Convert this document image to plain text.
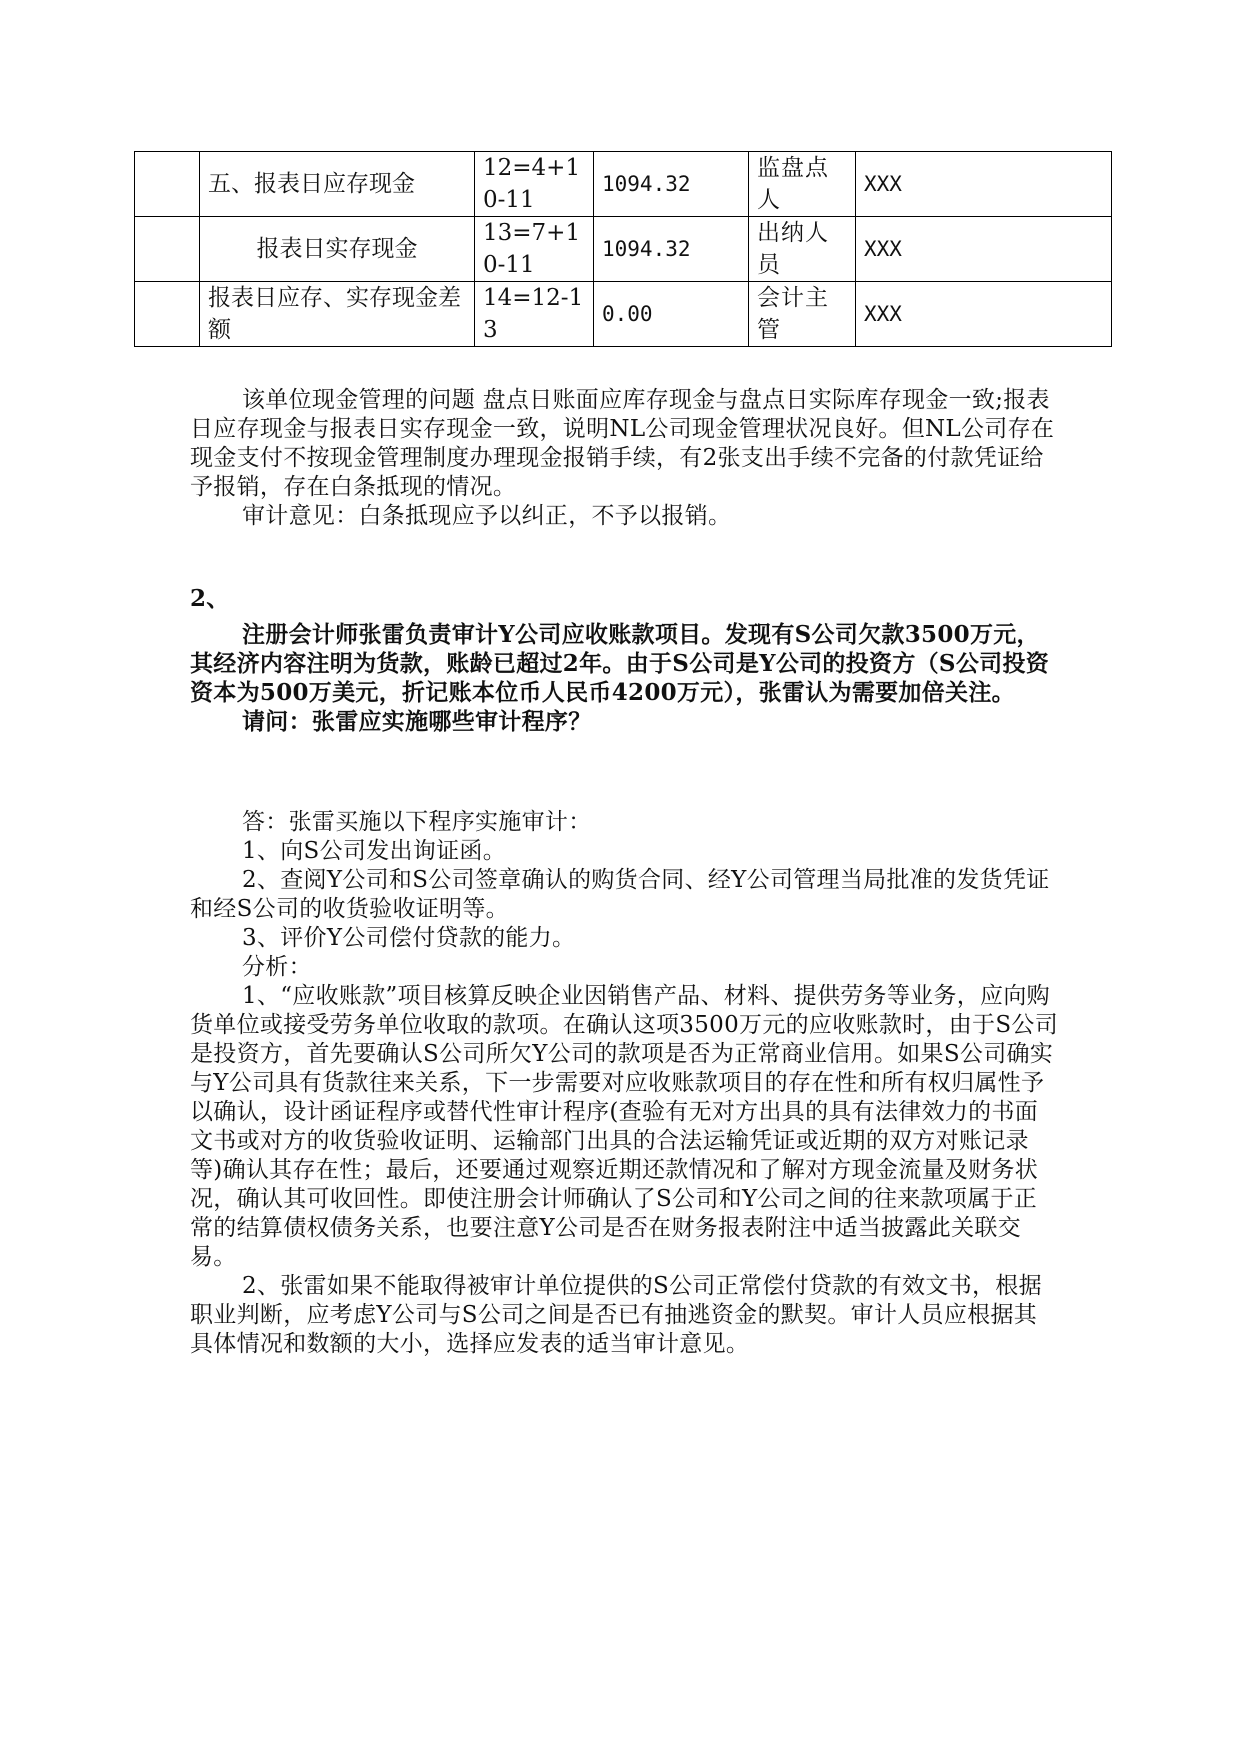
	五、报表日应存现金	12=4+10-11	1094.32	监盘点人	XXX
	报表日实存现金	13=7+10-11	1094.32	出纳人员	XXX
	报表日应存、实存现金差额	14=12-13	0.00	会计主管	XXX

该单位现金管理的问题 盘点日账面应库存现金与盘点日实际库存现金一致;报表日应存现金与报表日实存现金一致，说明NL公司现金管理状况良好。但NL公司存在现金支付不按现金管理制度办理现金报销手续，有2张支出手续不完备的付款凭证给予报销，存在白条抵现的情况。

审计意见：白条抵现应予以纠正，不予以报销。

2、

注册会计师张雷负责审计Y公司应收账款项目。发现有S公司欠款3500万元，其经济内容注明为货款，账龄已超过2年。由于S公司是Y公司的投资方（S公司投资资本为500万美元，折记账本位币人民币4200万元），张雷认为需要加倍关注。

请问：张雷应实施哪些审计程序？

答：张雷买施以下程序实施审计：

1、向S公司发出询证函。

2、查阅Y公司和S公司签章确认的购货合同、经Y公司管理当局批准的发货凭证和经S公司的收货验收证明等。

3、评价Y公司偿付贷款的能力。

分析：

1、“应收账款”项目核算反映企业因销售产品、材料、提供劳务等业务，应向购货单位或接受劳务单位收取的款项。在确认这项3500万元的应收账款时，由于S公司是投资方，首先要确认S公司所欠Y公司的款项是否为正常商业信用。如果S公司确实与Y公司具有货款往来关系，下一步需要对应收账款项目的存在性和所有权归属性予以确认，设计函证程序或替代性审计程序(查验有无对方出具的具有法律效力的书面文书或对方的收货验收证明、运输部门出具的合法运输凭证或近期的双方对账记录等)确认其存在性；最后，还要通过观察近期还款情况和了解对方现金流量及财务状况，确认其可收回性。即使注册会计师确认了S公司和Y公司之间的往来款项属于正常的结算债权债务关系，也要注意Y公司是否在财务报表附注中适当披露此关联交易。

2、张雷如果不能取得被审计单位提供的S公司正常偿付贷款的有效文书，根据职业判断，应考虑Y公司与S公司之间是否已有抽逃资金的默契。审计人员应根据其具体情况和数额的大小，选择应发表的适当审计意见。
